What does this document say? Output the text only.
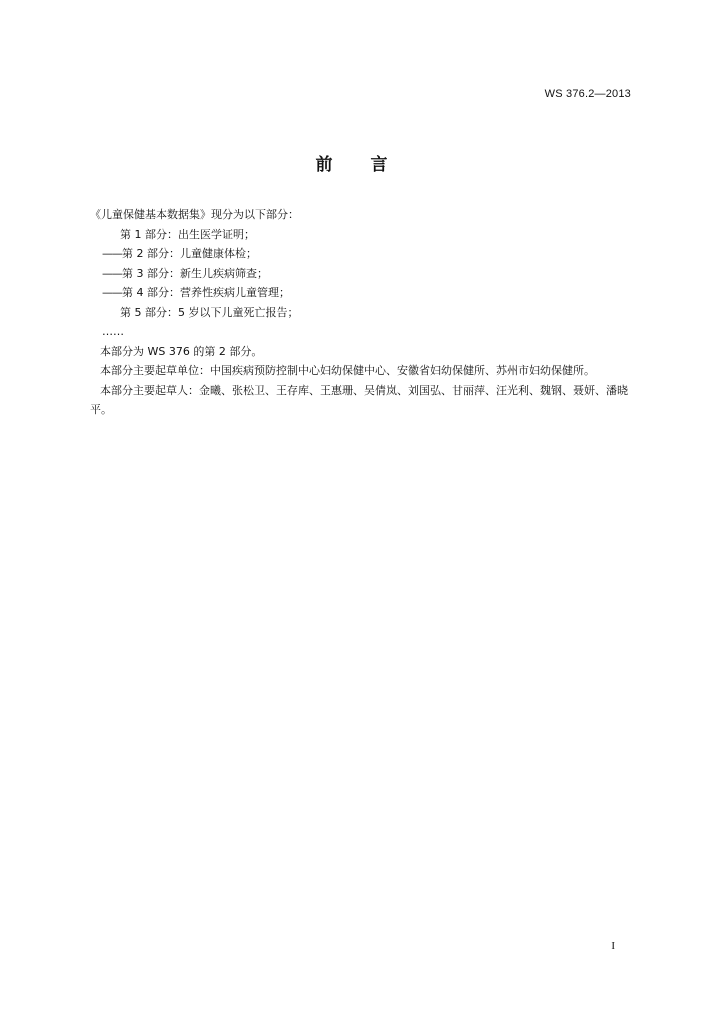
WS 376.2—2013
前 言

《儿童保健基本数据集》现分为以下部分：

第 1 部分：出生医学证明；

——第 2 部分：儿童健康体检；

——第 3 部分：新生儿疾病筛查；

——第 4 部分：营养性疾病儿童管理；

第 5 部分：5 岁以下儿童死亡报告；

……

本部分为 WS 376 的第 2 部分。

本部分主要起草单位：中国疾病预防控制中心妇幼保健中心、安徽省妇幼保健所、苏州市妇幼保健所。

本部分主要起草人：金曦、张松卫、王存库、王惠珊、吴倩岚、刘国弘、甘丽萍、汪光利、魏钢、聂妍、潘晓平。

I
